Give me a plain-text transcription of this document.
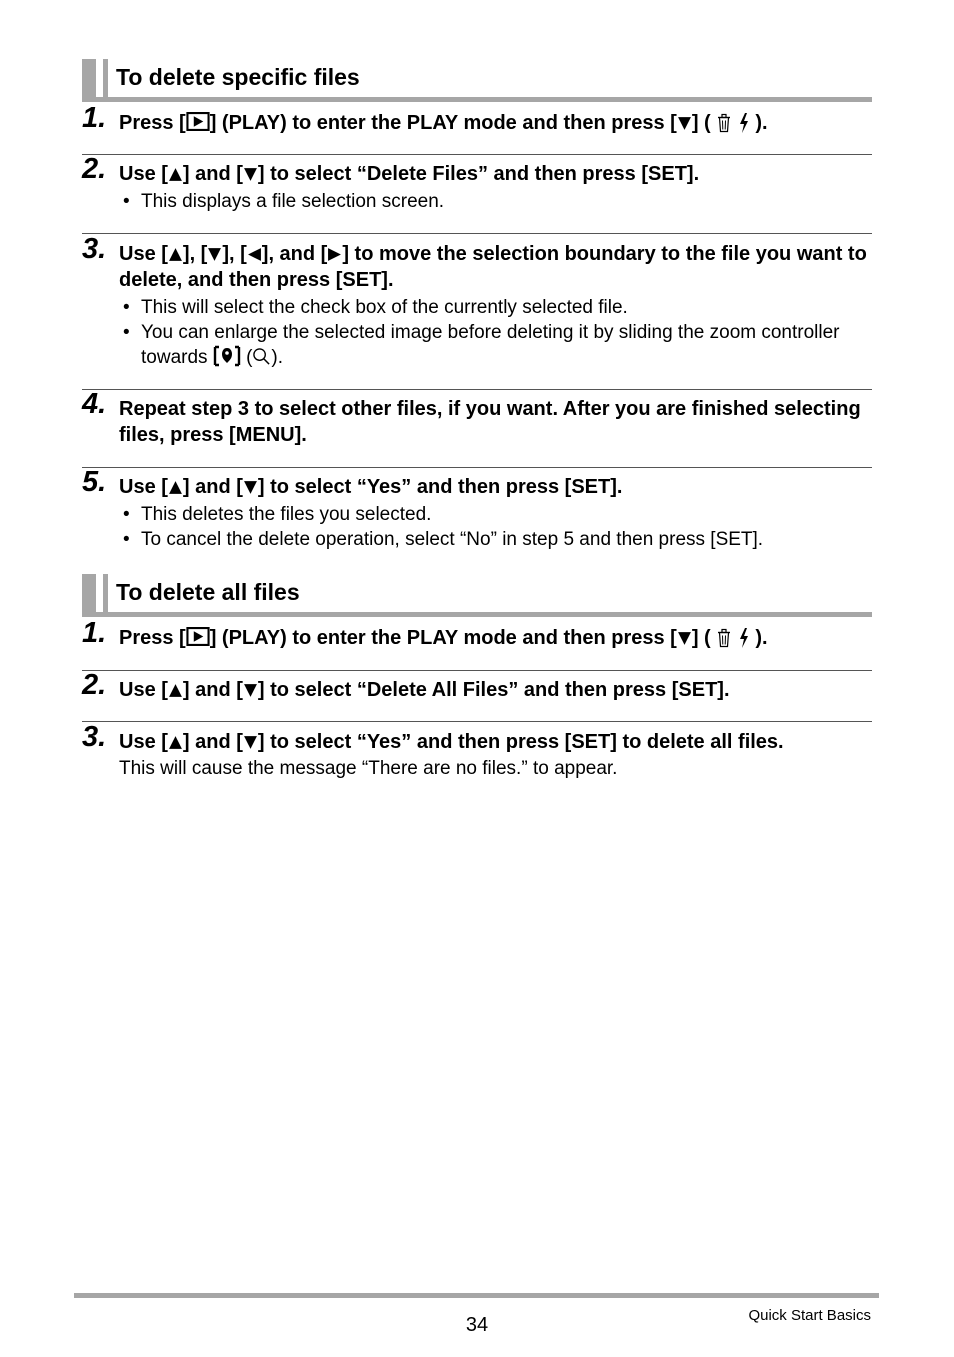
To delete specific files
1. Press [ ] (PLAY) to enter the PLAY mode and then press [ ] (   ).
2. Use [ ] and [ ] to select “Delete Files” and then press [SET].
• This displays a file selection screen.
3. Use [ ], [ ], [ ], and [ ] to move the selection boundary to the file you want to delete, and then press [SET].
• This will select the check box of the currently selected file.
• You can enlarge the selected image before deleting it by sliding the zoom controller towards ( ).
4. Repeat step 3 to select other files, if you want. After you are finished selecting files, press [MENU].
5. Use [ ] and [ ] to select “Yes” and then press [SET].
• This deletes the files you selected.
• To cancel the delete operation, select “No” in step 5 and then press [SET].
To delete all files
1. Press [ ] (PLAY) to enter the PLAY mode and then press [ ] (   ).
2. Use [ ] and [ ] to select “Delete All Files” and then press [SET].
3. Use [ ] and [ ] to select “Yes” and then press [SET] to delete all files.
This will cause the message “There are no files.” to appear.
34	Quick Start Basics
